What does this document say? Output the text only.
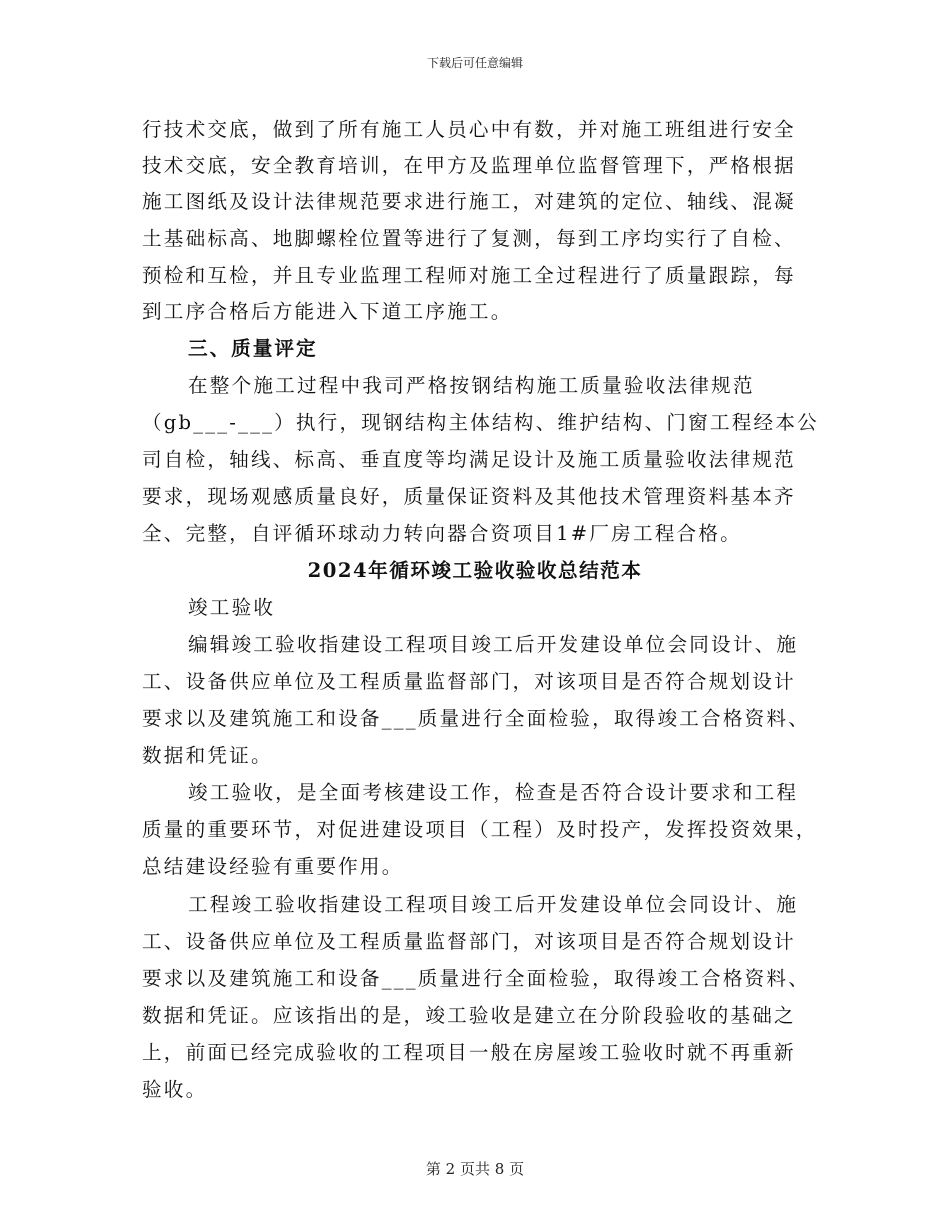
下载后可任意编辑
行技术交底，做到了所有施工人员心中有数，并对施工班组进行安全
技术交底，安全教育培训，在甲方及监理单位监督管理下，严格根据
施工图纸及设计法律规范要求进行施工，对建筑的定位、轴线、混凝
土基础标高、地脚螺栓位置等进行了复测，每到工序均实行了自检、
预检和互检，并且专业监理工程师对施工全过程进行了质量跟踪，每
到工序合格后方能进入下道工序施工。
三、质量评定
在整个施工过程中我司严格按钢结构施工质量验收法律规范
（gb___-___）执行，现钢结构主体结构、维护结构、门窗工程经本公
司自检，轴线、标高、垂直度等均满足设计及施工质量验收法律规范
要求，现场观感质量良好，质量保证资料及其他技术管理资料基本齐
全、完整，自评循环球动力转向器合资项目1#厂房工程合格。
2024年循环竣工验收验收总结范本
竣工验收
编辑竣工验收指建设工程项目竣工后开发建设单位会同设计、施
工、设备供应单位及工程质量监督部门，对该项目是否符合规划设计
要求以及建筑施工和设备___质量进行全面检验，取得竣工合格资料、
数据和凭证。
竣工验收，是全面考核建设工作，检查是否符合设计要求和工程
质量的重要环节，对促进建设项目（工程）及时投产，发挥投资效果，
总结建设经验有重要作用。
工程竣工验收指建设工程项目竣工后开发建设单位会同设计、施
工、设备供应单位及工程质量监督部门，对该项目是否符合规划设计
要求以及建筑施工和设备___质量进行全面检验，取得竣工合格资料、
数据和凭证。应该指出的是，竣工验收是建立在分阶段验收的基础之
上，前面已经完成验收的工程项目一般在房屋竣工验收时就不再重新
验收。
第 2 页共 8 页
